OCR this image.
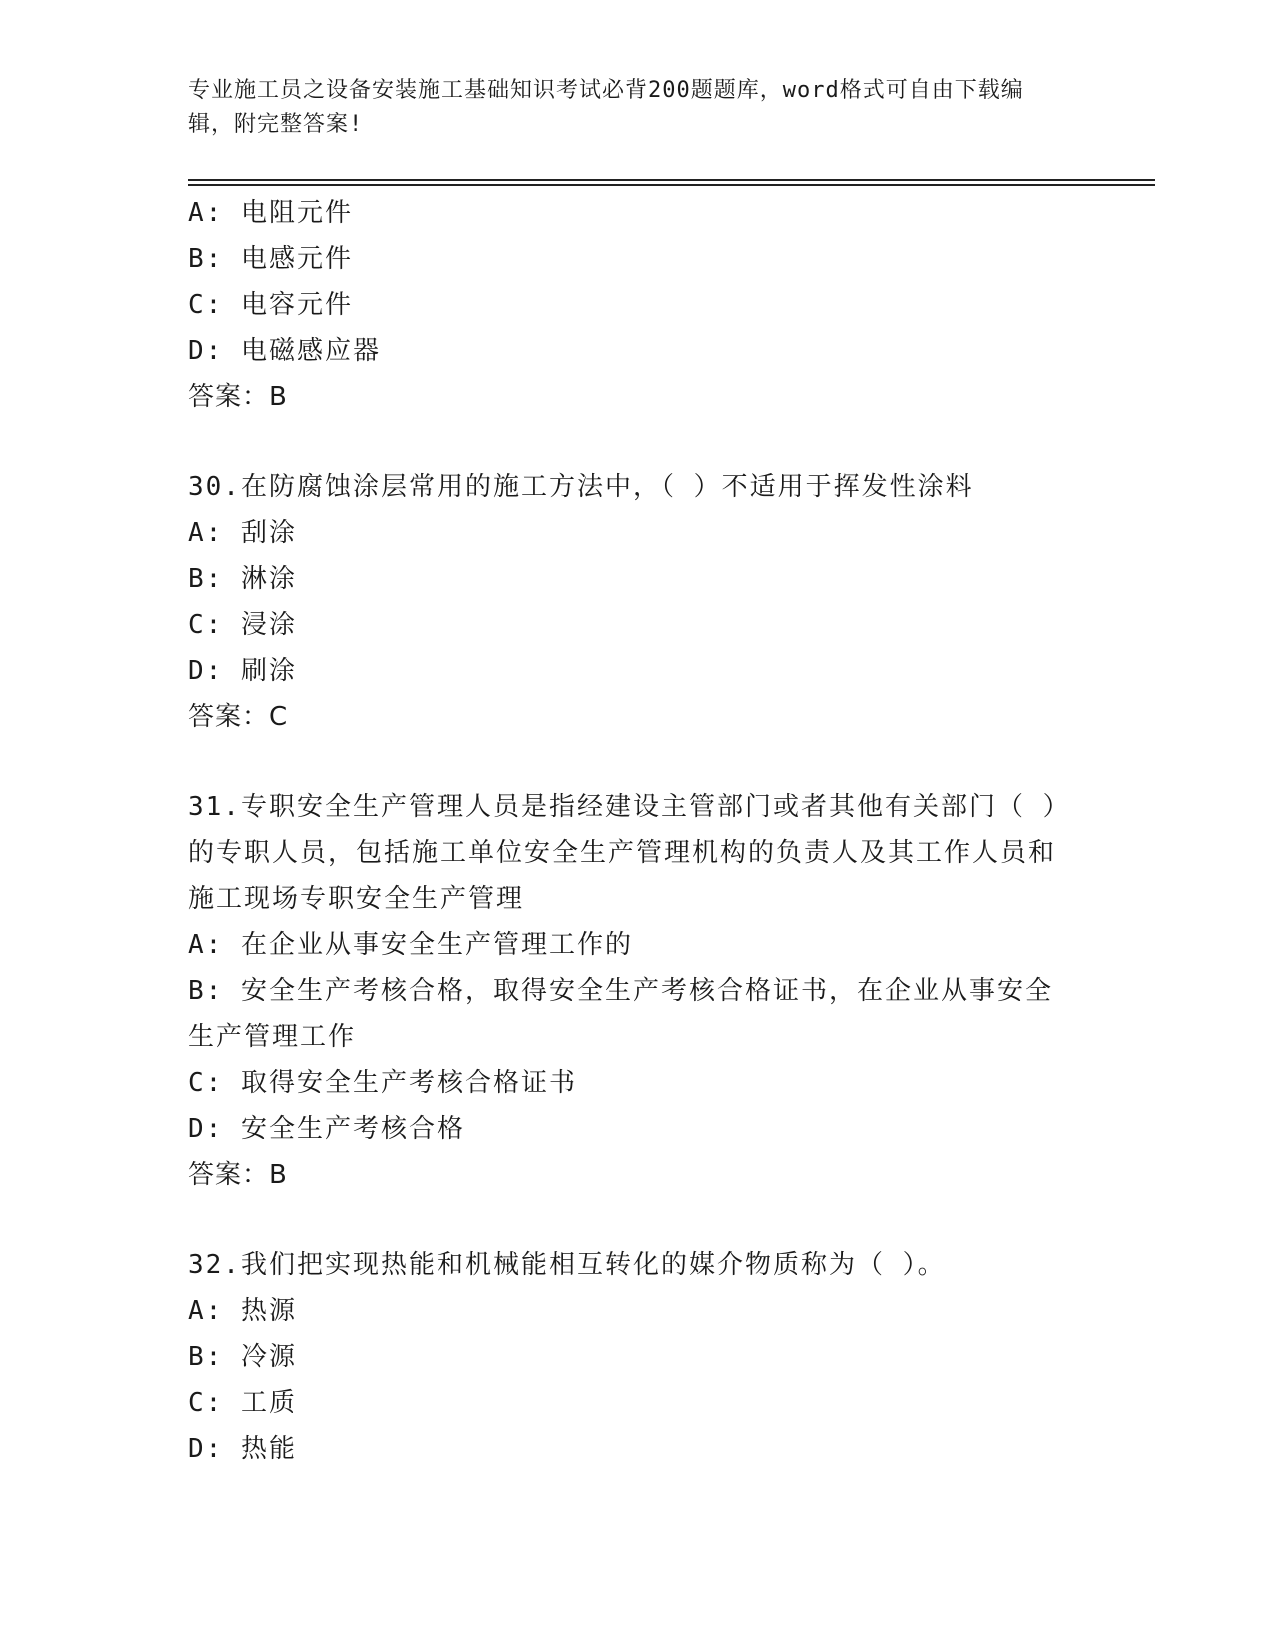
专业施工员之设备安装施工基础知识考试必背200题题库，word格式可自由下载编辑，附完整答案!
A: 电阻元件
B: 电感元件
C: 电容元件
D: 电磁感应器
答案：B
30.在防腐蚀涂层常用的施工方法中，（ ）不适用于挥发性涂料
A: 刮涂
B: 淋涂
C: 浸涂
D: 刷涂
答案：C
31.专职安全生产管理人员是指经建设主管部门或者其他有关部门（ ）的专职人员，包括施工单位安全生产管理机构的负责人及其工作人员和施工现场专职安全生产管理
A: 在企业从事安全生产管理工作的
B: 安全生产考核合格，取得安全生产考核合格证书，在企业从事安全生产管理工作
C: 取得安全生产考核合格证书
D: 安全生产考核合格
答案：B
32.我们把实现热能和机械能相互转化的媒介物质称为（ ）。
A: 热源
B: 冷源
C: 工质
D: 热能
